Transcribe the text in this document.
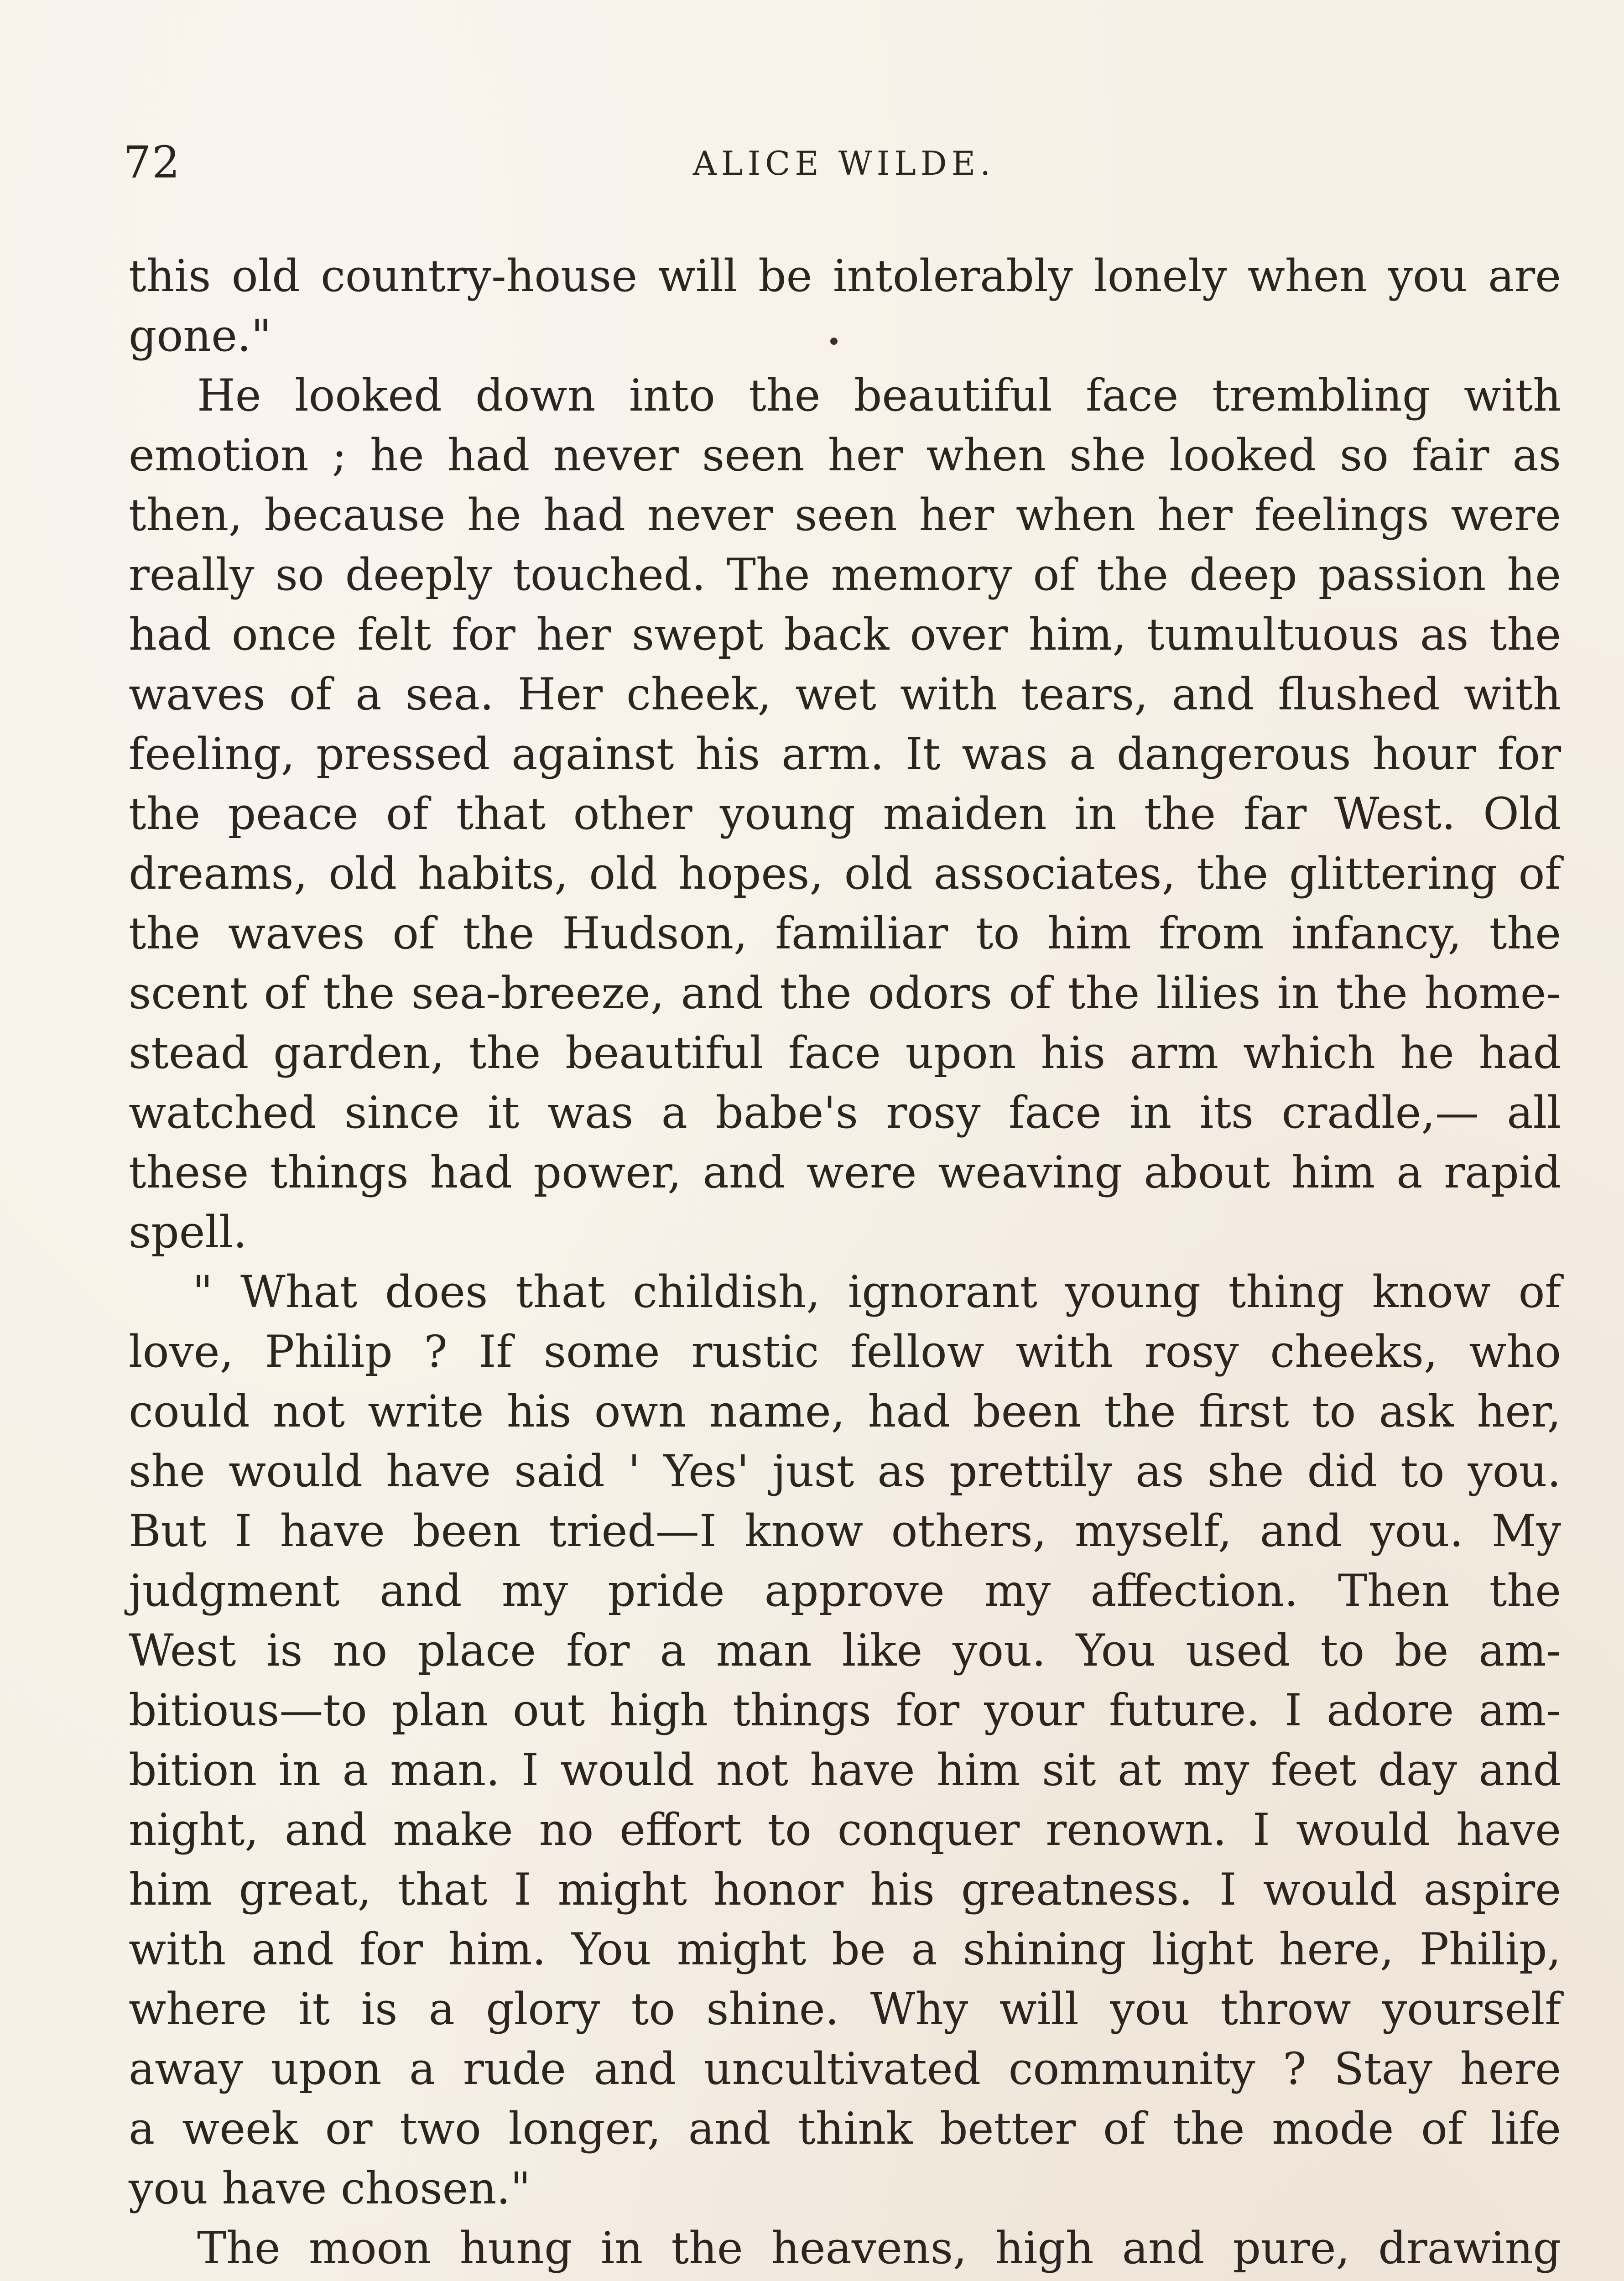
72	ALICE WILDE.
this old country-house will be intolerably lonely when you are
gone."
He looked down into the beautiful face trembling with
emotion ; he had never seen her when she looked so fair as
then, because he had never seen her when her feelings were
really so deeply touched. The memory of the deep passion he
had once felt for her swept back over him, tumultuous as the
waves of a sea. Her cheek, wet with tears, and flushed with
feeling, pressed against his arm. It was a dangerous hour for
the peace of that other young maiden in the far West. Old
dreams, old habits, old hopes, old associates, the glittering of
the waves of the Hudson, familiar to him from infancy, the
scent of the sea-breeze, and the odors of the lilies in the home-
stead garden, the beautiful face upon his arm which he had
watched since it was a babe's rosy face in its cradle,— all
these things had power, and were weaving about him a rapid
spell.
" What does that childish, ignorant young thing know of
love, Philip ? If some rustic fellow with rosy cheeks, who
could not write his own name, had been the first to ask her,
she would have said ' Yes' just as prettily as she did to you.
But I have been tried—I know others, myself, and you. My
judgment and my pride approve my affection. Then the
West is no place for a man like you. You used to be am-
bitious—to plan out high things for your future. I adore am-
bition in a man. I would not have him sit at my feet day and
night, and make no effort to conquer renown. I would have
him great, that I might honor his greatness. I would aspire
with and for him. You might be a shining light here, Philip,
where it is a glory to shine. Why will you throw yourself
away upon a rude and uncultivated community ? Stay here
a week or two longer, and think better of the mode of life
you have chosen."
The moon hung in the heavens, high and pure, drawing
